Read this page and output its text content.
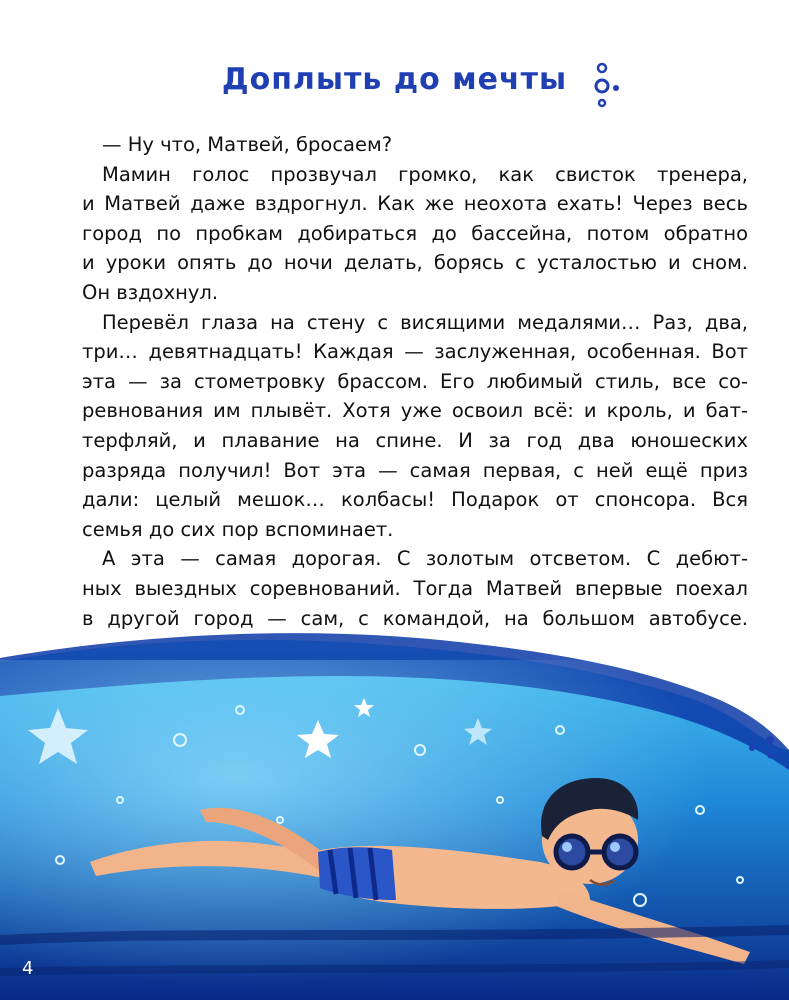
Доплыть до мечты
— Ну что, Матвей, бросаем?
Мамин голос прозвучал громко, как свисток тренера,
и Матвей даже вздрогнул. Как же неохота ехать! Через весь
город по пробкам добираться до бассейна, потом обратно
и уроки опять до ночи делать, борясь с усталостью и сном.
Он вздохнул.
Перевёл глаза на стену с висящими медалями… Раз, два,
три… девятнадцать! Каждая — заслуженная, особенная. Вот
эта — за стометровку брассом. Его любимый стиль, все со-
ревнования им плывёт. Хотя уже освоил всё: и кроль, и бат-
терфляй, и плавание на спине. И за год два юношеских
разряда получил! Вот эта — самая первая, с ней ещё приз
дали: целый мешок… колбасы! Подарок от спонсора. Вся
семья до сих пор вспоминает.
А эта — самая дорогая. С золотым отсветом. С дебют-
ных выездных соревнований. Тогда Матвей впервые поехал
в другой город — сам, с командой, на большом автобусе.
4
